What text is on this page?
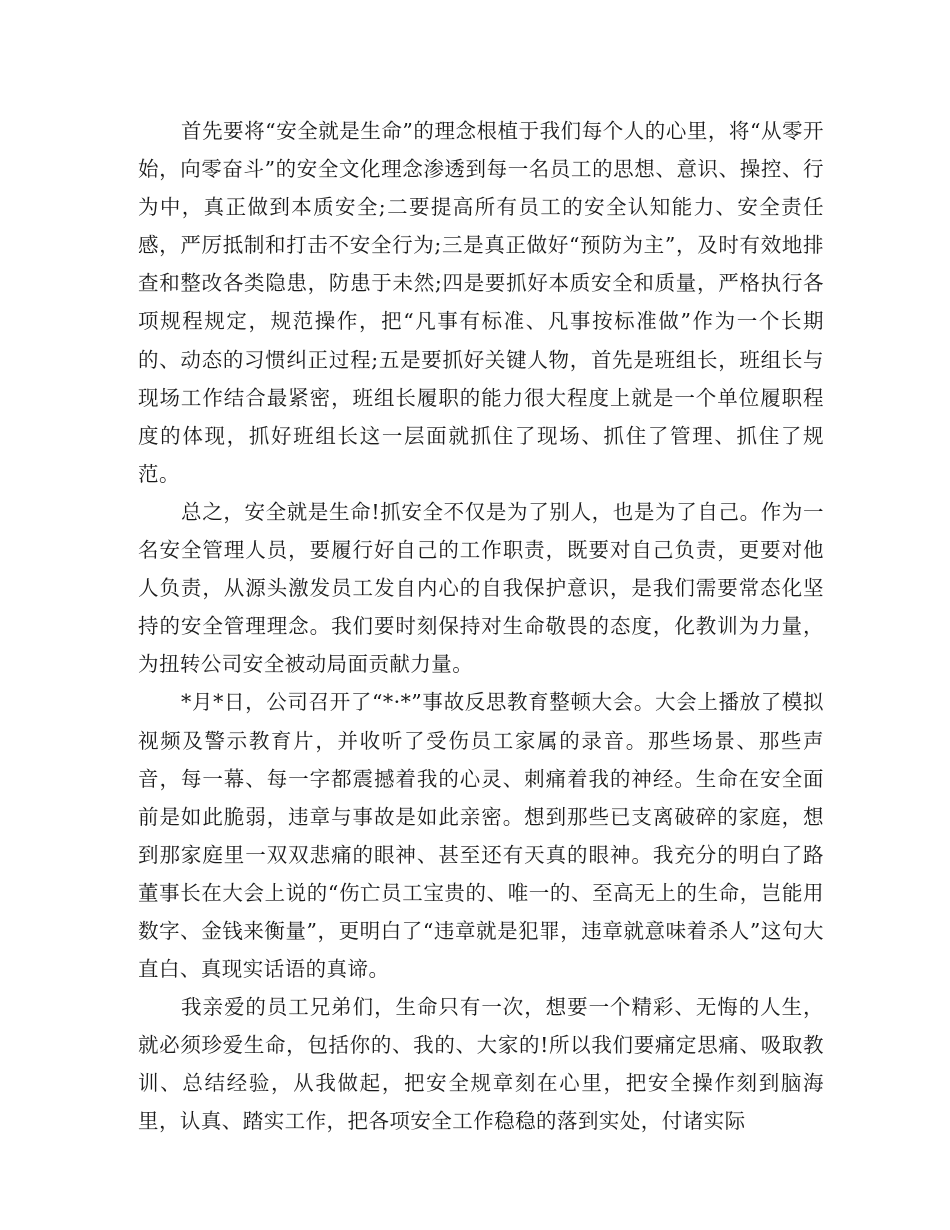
首先要将“安全就是生命”的理念根植于我们每个人的心里，将“从零开始，向零奋斗”的安全文化理念渗透到每一名员工的思想、意识、操控、行为中，真正做到本质安全;二要提高所有员工的安全认知能力、安全责任感，严厉抵制和打击不安全行为;三是真正做好“预防为主”，及时有效地排查和整改各类隐患，防患于未然;四是要抓好本质安全和质量，严格执行各项规程规定，规范操作，把“凡事有标准、凡事按标准做”作为一个长期的、动态的习惯纠正过程;五是要抓好关键人物，首先是班组长，班组长与现场工作结合最紧密，班组长履职的能力很大程度上就是一个单位履职程度的体现，抓好班组长这一层面就抓住了现场、抓住了管理、抓住了规范。

总之，安全就是生命!抓安全不仅是为了别人，也是为了自己。作为一名安全管理人员，要履行好自己的工作职责，既要对自己负责，更要对他人负责，从源头激发员工发自内心的自我保护意识，是我们需要常态化坚持的安全管理理念。我们要时刻保持对生命敬畏的态度，化教训为力量，为扭转公司安全被动局面贡献力量。

*月*日，公司召开了“*·*”事故反思教育整顿大会。大会上播放了模拟视频及警示教育片，并收听了受伤员工家属的录音。那些场景、那些声音，每一幕、每一字都震撼着我的心灵、刺痛着我的神经。生命在安全面前是如此脆弱，违章与事故是如此亲密。想到那些已支离破碎的家庭，想到那家庭里一双双悲痛的眼神、甚至还有天真的眼神。我充分的明白了路董事长在大会上说的“伤亡员工宝贵的、唯一的、至高无上的生命，岂能用数字、金钱来衡量”，更明白了“违章就是犯罪，违章就意味着杀人”这句大直白、真现实话语的真谛。

我亲爱的员工兄弟们，生命只有一次，想要一个精彩、无悔的人生，就必须珍爱生命，包括你的、我的、大家的!所以我们要痛定思痛、吸取教训、总结经验，从我做起，把安全规章刻在心里，把安全操作刻到脑海里，认真、踏实工作，把各项安全工作稳稳的落到实处，付诸实际
